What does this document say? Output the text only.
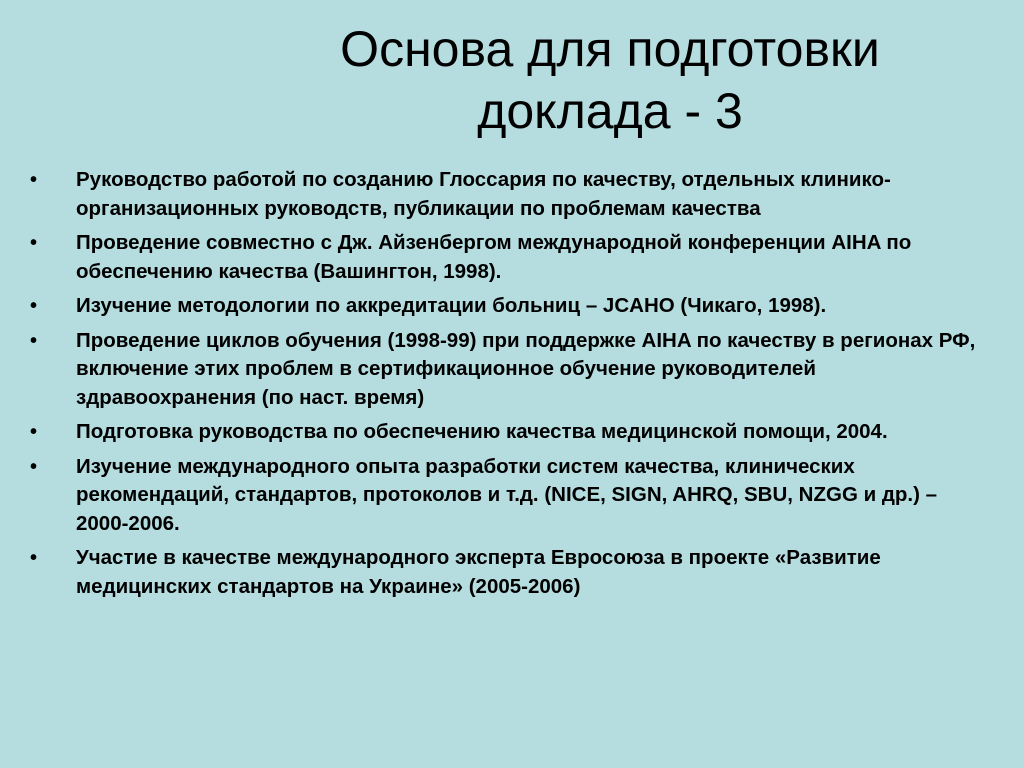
Основа для подготовки
доклада - 3
• Руководство работой по созданию Глоссария по качеству, отдельных клинико-организационных руководств, публикации по проблемам качества
• Проведение совместно с Дж. Айзенбергом международной конференции AIHA по обеспечению качества (Вашингтон, 1998).
• Изучение методологии по аккредитации больниц – JCAHO (Чикаго, 1998).
• Проведение циклов обучения (1998-99) при поддержке AIHA по качеству в регионах РФ, включение этих проблем в сертификационное обучение руководителей здравоохранения (по наст. время)
• Подготовка руководства по обеспечению качества медицинской помощи, 2004.
• Изучение международного опыта разработки систем качества, клинических рекомендаций, стандартов, протоколов и т.д. (NICE, SIGN, AHRQ, SBU, NZGG и др.) – 2000-2006.
• Участие в качестве международного эксперта Евросоюза в проекте «Развитие медицинских стандартов на Украине» (2005-2006)
